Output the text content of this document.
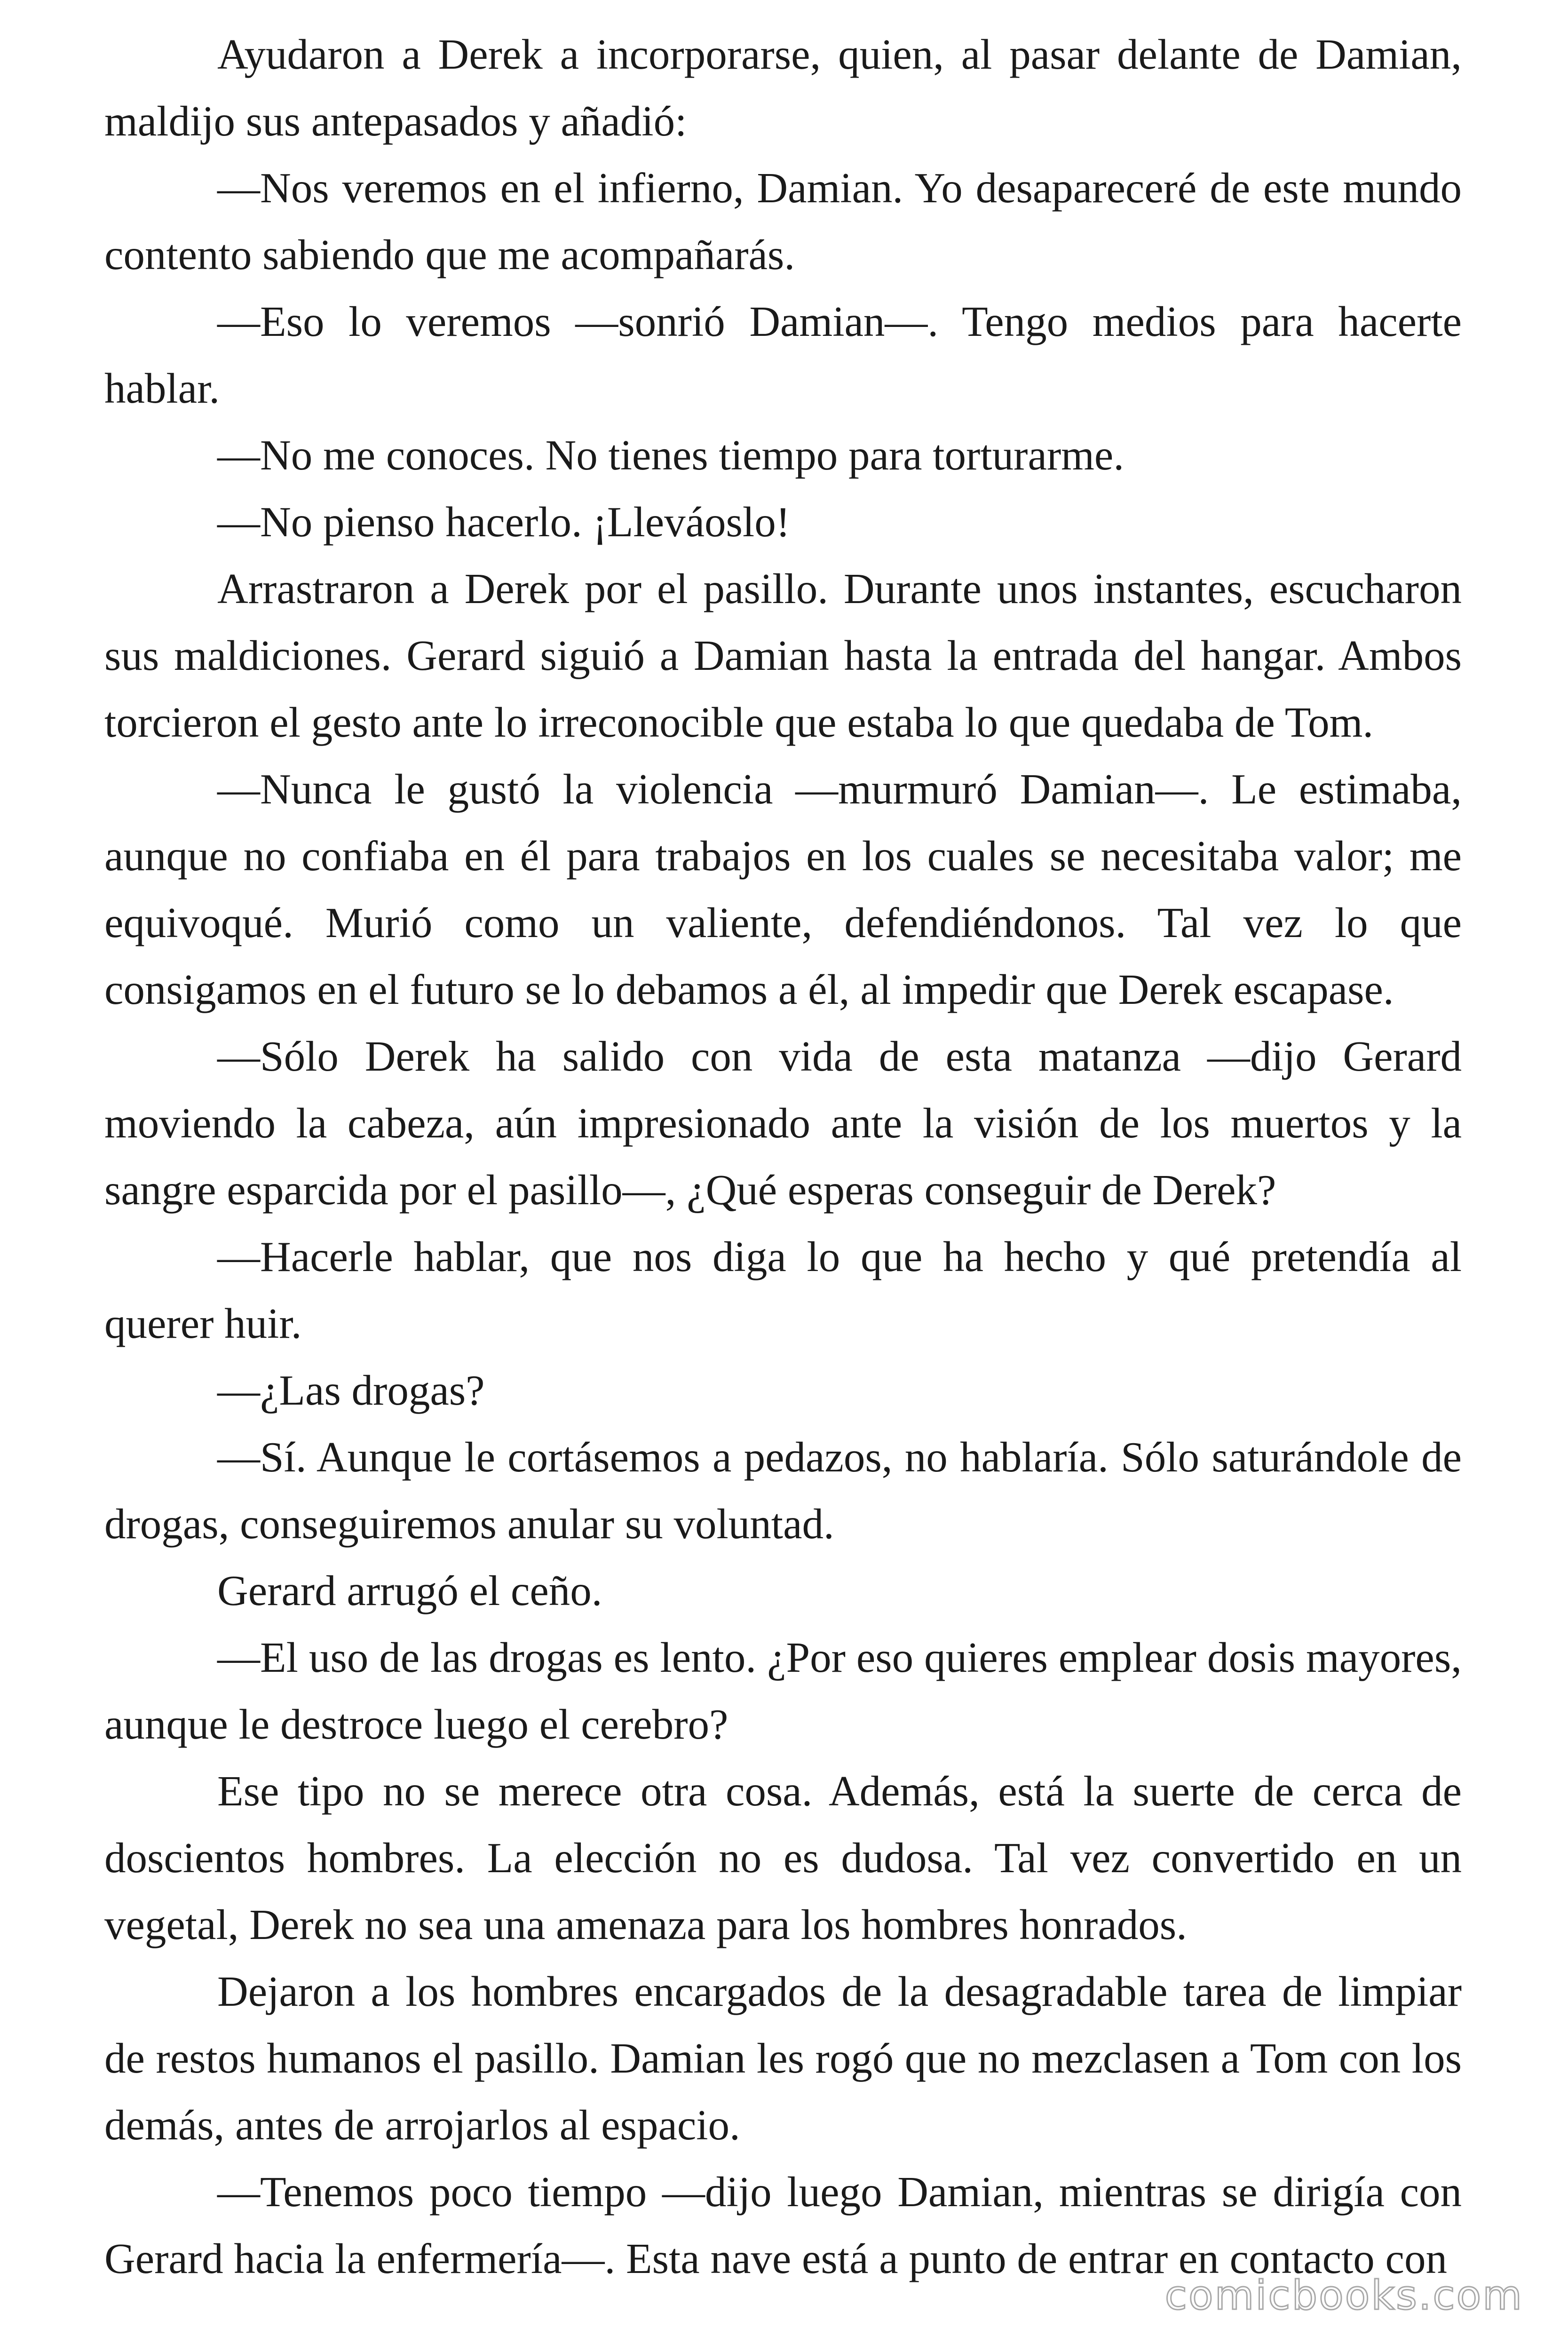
Ayudaron a Derek a incorporarse, quien, al pasar delante de Damian, maldijo sus antepasados y añadió:

—Nos veremos en el infierno, Damian. Yo desapareceré de este mundo contento sabiendo que me acompañarás.

—Eso lo veremos —sonrió Damian—. Tengo medios para hacerte hablar.

—No me conoces. No tienes tiempo para torturarme.

—No pienso hacerlo. ¡Lleváoslo!

Arrastraron a Derek por el pasillo. Durante unos instantes, escucharon sus maldiciones. Gerard siguió a Damian hasta la entrada del hangar. Ambos torcieron el gesto ante lo irreconocible que estaba lo que quedaba de Tom.

—Nunca le gustó la violencia —murmuró Damian—. Le estimaba, aunque no confiaba en él para trabajos en los cuales se necesitaba valor; me equivoqué. Murió como un valiente, defendiéndonos. Tal vez lo que consigamos en el futuro se lo debamos a él, al impedir que Derek escapase.

—Sólo Derek ha salido con vida de esta matanza —dijo Gerard moviendo la cabeza, aún impresionado ante la visión de los muertos y la sangre esparcida por el pasillo—, ¿Qué esperas conseguir de Derek?

—Hacerle hablar, que nos diga lo que ha hecho y qué pretendía al querer huir.

—¿Las drogas?

—Sí. Aunque le cortásemos a pedazos, no hablaría. Sólo saturándole de drogas, conseguiremos anular su voluntad.

Gerard arrugó el ceño.

—El uso de las drogas es lento. ¿Por eso quieres emplear dosis mayores, aunque le destroce luego el cerebro?

Ese tipo no se merece otra cosa. Además, está la suerte de cerca de doscientos hombres. La elección no es dudosa. Tal vez convertido en un vegetal, Derek no sea una amenaza para los hombres honrados.

Dejaron a los hombres encargados de la desagradable tarea de limpiar de restos humanos el pasillo. Damian les rogó que no mezclasen a Tom con los demás, antes de arrojarlos al espacio.

—Tenemos poco tiempo —dijo luego Damian, mientras se dirigía con Gerard hacia la enfermería—. Esta nave está a punto de entrar en contacto con

comicbooks.com
